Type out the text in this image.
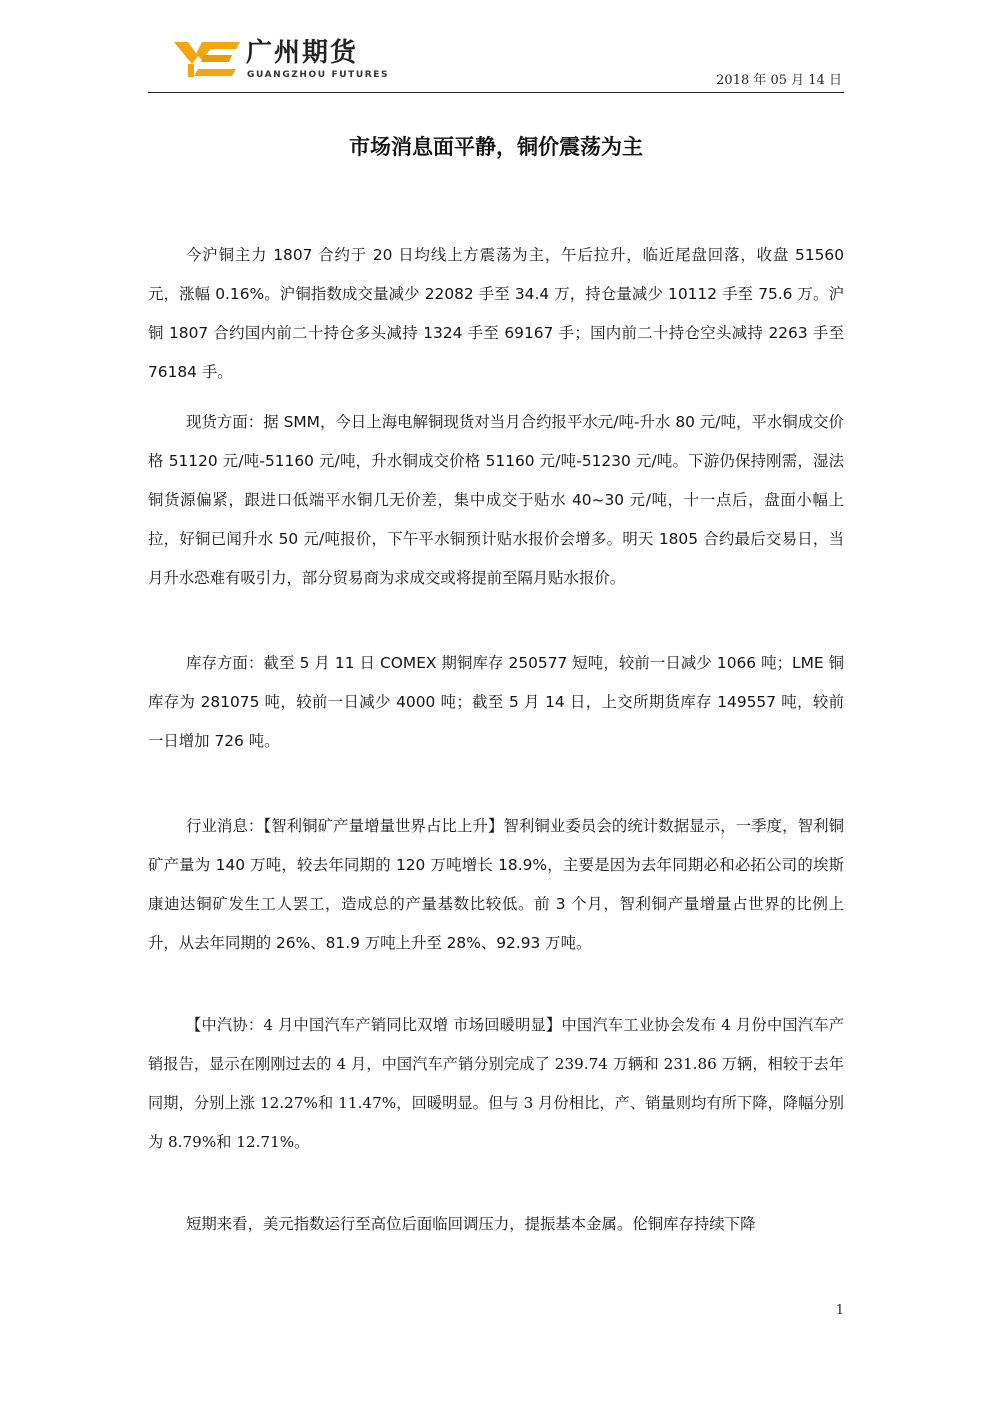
广州期货
GUANGZHOU FUTURES	2018 年 05 月 14 日
市场消息面平静，铜价震荡为主

今沪铜主力 1807 合约于 20 日均线上方震荡为主，午后拉升，临近尾盘回落，收盘 51560 元，涨幅 0.16%。沪铜指数成交量减少 22082 手至 34.4 万，持仓量减少 10112 手至 75.6 万。沪铜 1807 合约国内前二十持仓多头减持 1324 手至 69167 手；国内前二十持仓空头减持 2263 手至 76184 手。

现货方面：据 SMM，今日上海电解铜现货对当月合约报平水元/吨-升水 80 元/吨，平水铜成交价格 51120 元/吨-51160 元/吨，升水铜成交价格 51160 元/吨-51230 元/吨。下游仍保持刚需，湿法铜货源偏紧，跟进口低端平水铜几无价差，集中成交于贴水 40~30 元/吨，十一点后，盘面小幅上拉，好铜已闻升水 50 元/吨报价，下午平水铜预计贴水报价会增多。明天 1805 合约最后交易日，当月升水恐难有吸引力，部分贸易商为求成交或将提前至隔月贴水报价。

库存方面：截至 5 月 11 日 COMEX 期铜库存 250577 短吨，较前一日减少 1066 吨；LME 铜库存为 281075 吨，较前一日减少 4000 吨；截至 5 月 14 日，上交所期货库存 149557 吨，较前一日增加 726 吨。

行业消息：【智利铜矿产量增量世界占比上升】智利铜业委员会的统计数据显示，一季度，智利铜矿产量为 140 万吨，较去年同期的 120 万吨增长 18.9%，主要是因为去年同期必和必拓公司的埃斯康迪达铜矿发生工人罢工，造成总的产量基数比较低。前 3 个月，智利铜产量增量占世界的比例上升，从去年同期的 26%、81.9 万吨上升至 28%、92.93 万吨。

【中汽协：4 月中国汽车产销同比双增 市场回暖明显】中国汽车工业协会发布 4 月份中国汽车产销报告，显示在刚刚过去的 4 月，中国汽车产销分别完成了 239.74 万辆和 231.86 万辆，相较于去年同期，分别上涨 12.27%和 11.47%，回暖明显。但与 3 月份相比，产、销量则均有所下降，降幅分别为 8.79%和 12.71%。

短期来看，美元指数运行至高位后面临回调压力，提振基本金属。伦铜库存持续下降

1
